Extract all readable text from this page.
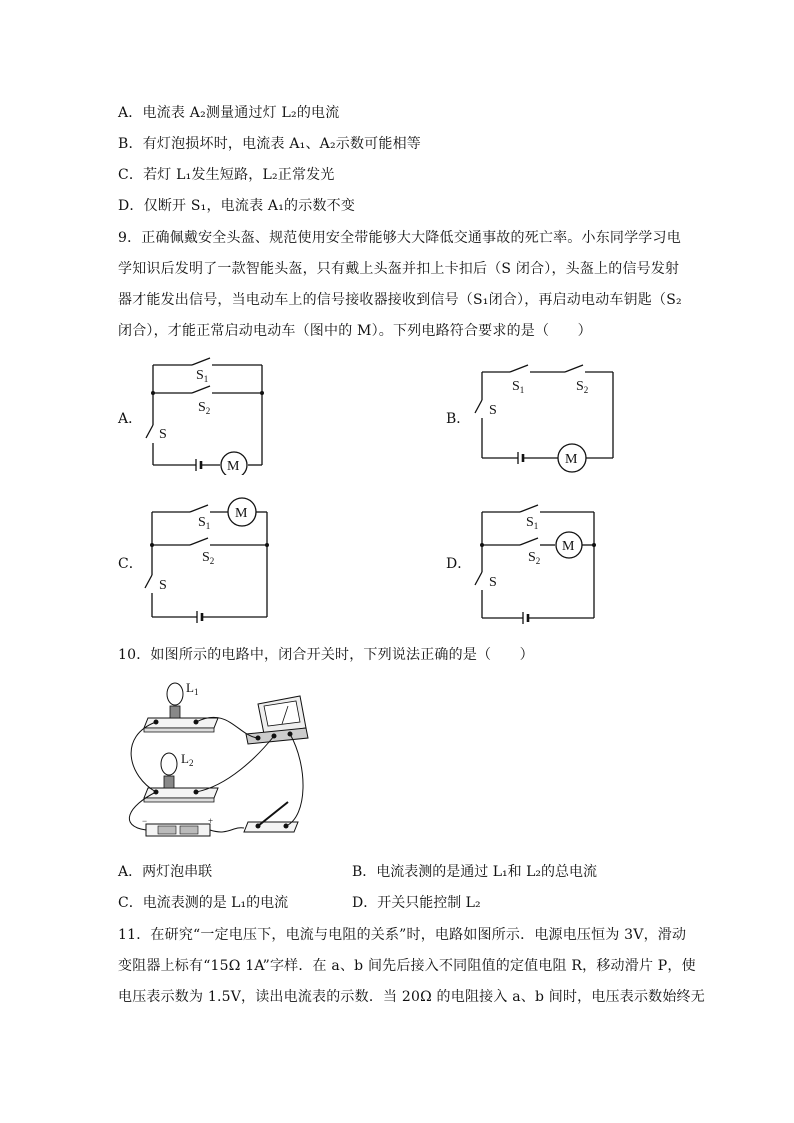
A．电流表 A₂测量通过灯 L₂的电流
B．有灯泡损坏时，电流表 A₁、A₂示数可能相等
C．若灯 L₁发生短路，L₂正常发光
D．仅断开 S₁，电流表 A₁的示数不变
9．正确佩戴安全头盔、规范使用安全带能够大大降低交通事故的死亡率。小东同学学习电
学知识后发明了一款智能头盔，只有戴上头盔并扣上卡扣后（S 闭合），头盔上的信号发射
器才能发出信号，当电动车上的信号接收器接收到信号（S₁闭合），再启动电动车钥匙（S₂
闭合），才能正常启动电动车（图中的 M）。下列电路符合要求的是（　　）
A．	B．
C．	D．
$S_1$
$S_2$
S
M
$S_1$	$S_2$
S
M
$S_1$
M
$S_2$
S
$S_1$
$S_2$
M
S
10．如图所示的电路中，闭合开关时，下列说法正确的是（　　）
$L_1$
$L_2$
−	+
A．两灯泡串联	B．电流表测的是通过 L₁和 L₂的总电流
C．电流表测的是 L₁的电流	D．开关只能控制 L₂
11．在研究“一定电压下，电流与电阻的关系”时，电路如图所示．电源电压恒为 3V，滑动
变阻器上标有“15Ω 1A”字样．在 a、b 间先后接入不同阻值的定值电阻 R，移动滑片 P，使
电压表示数为 1.5V，读出电流表的示数．当 20Ω 的电阻接入 a、b 间时，电压表示数始终无
